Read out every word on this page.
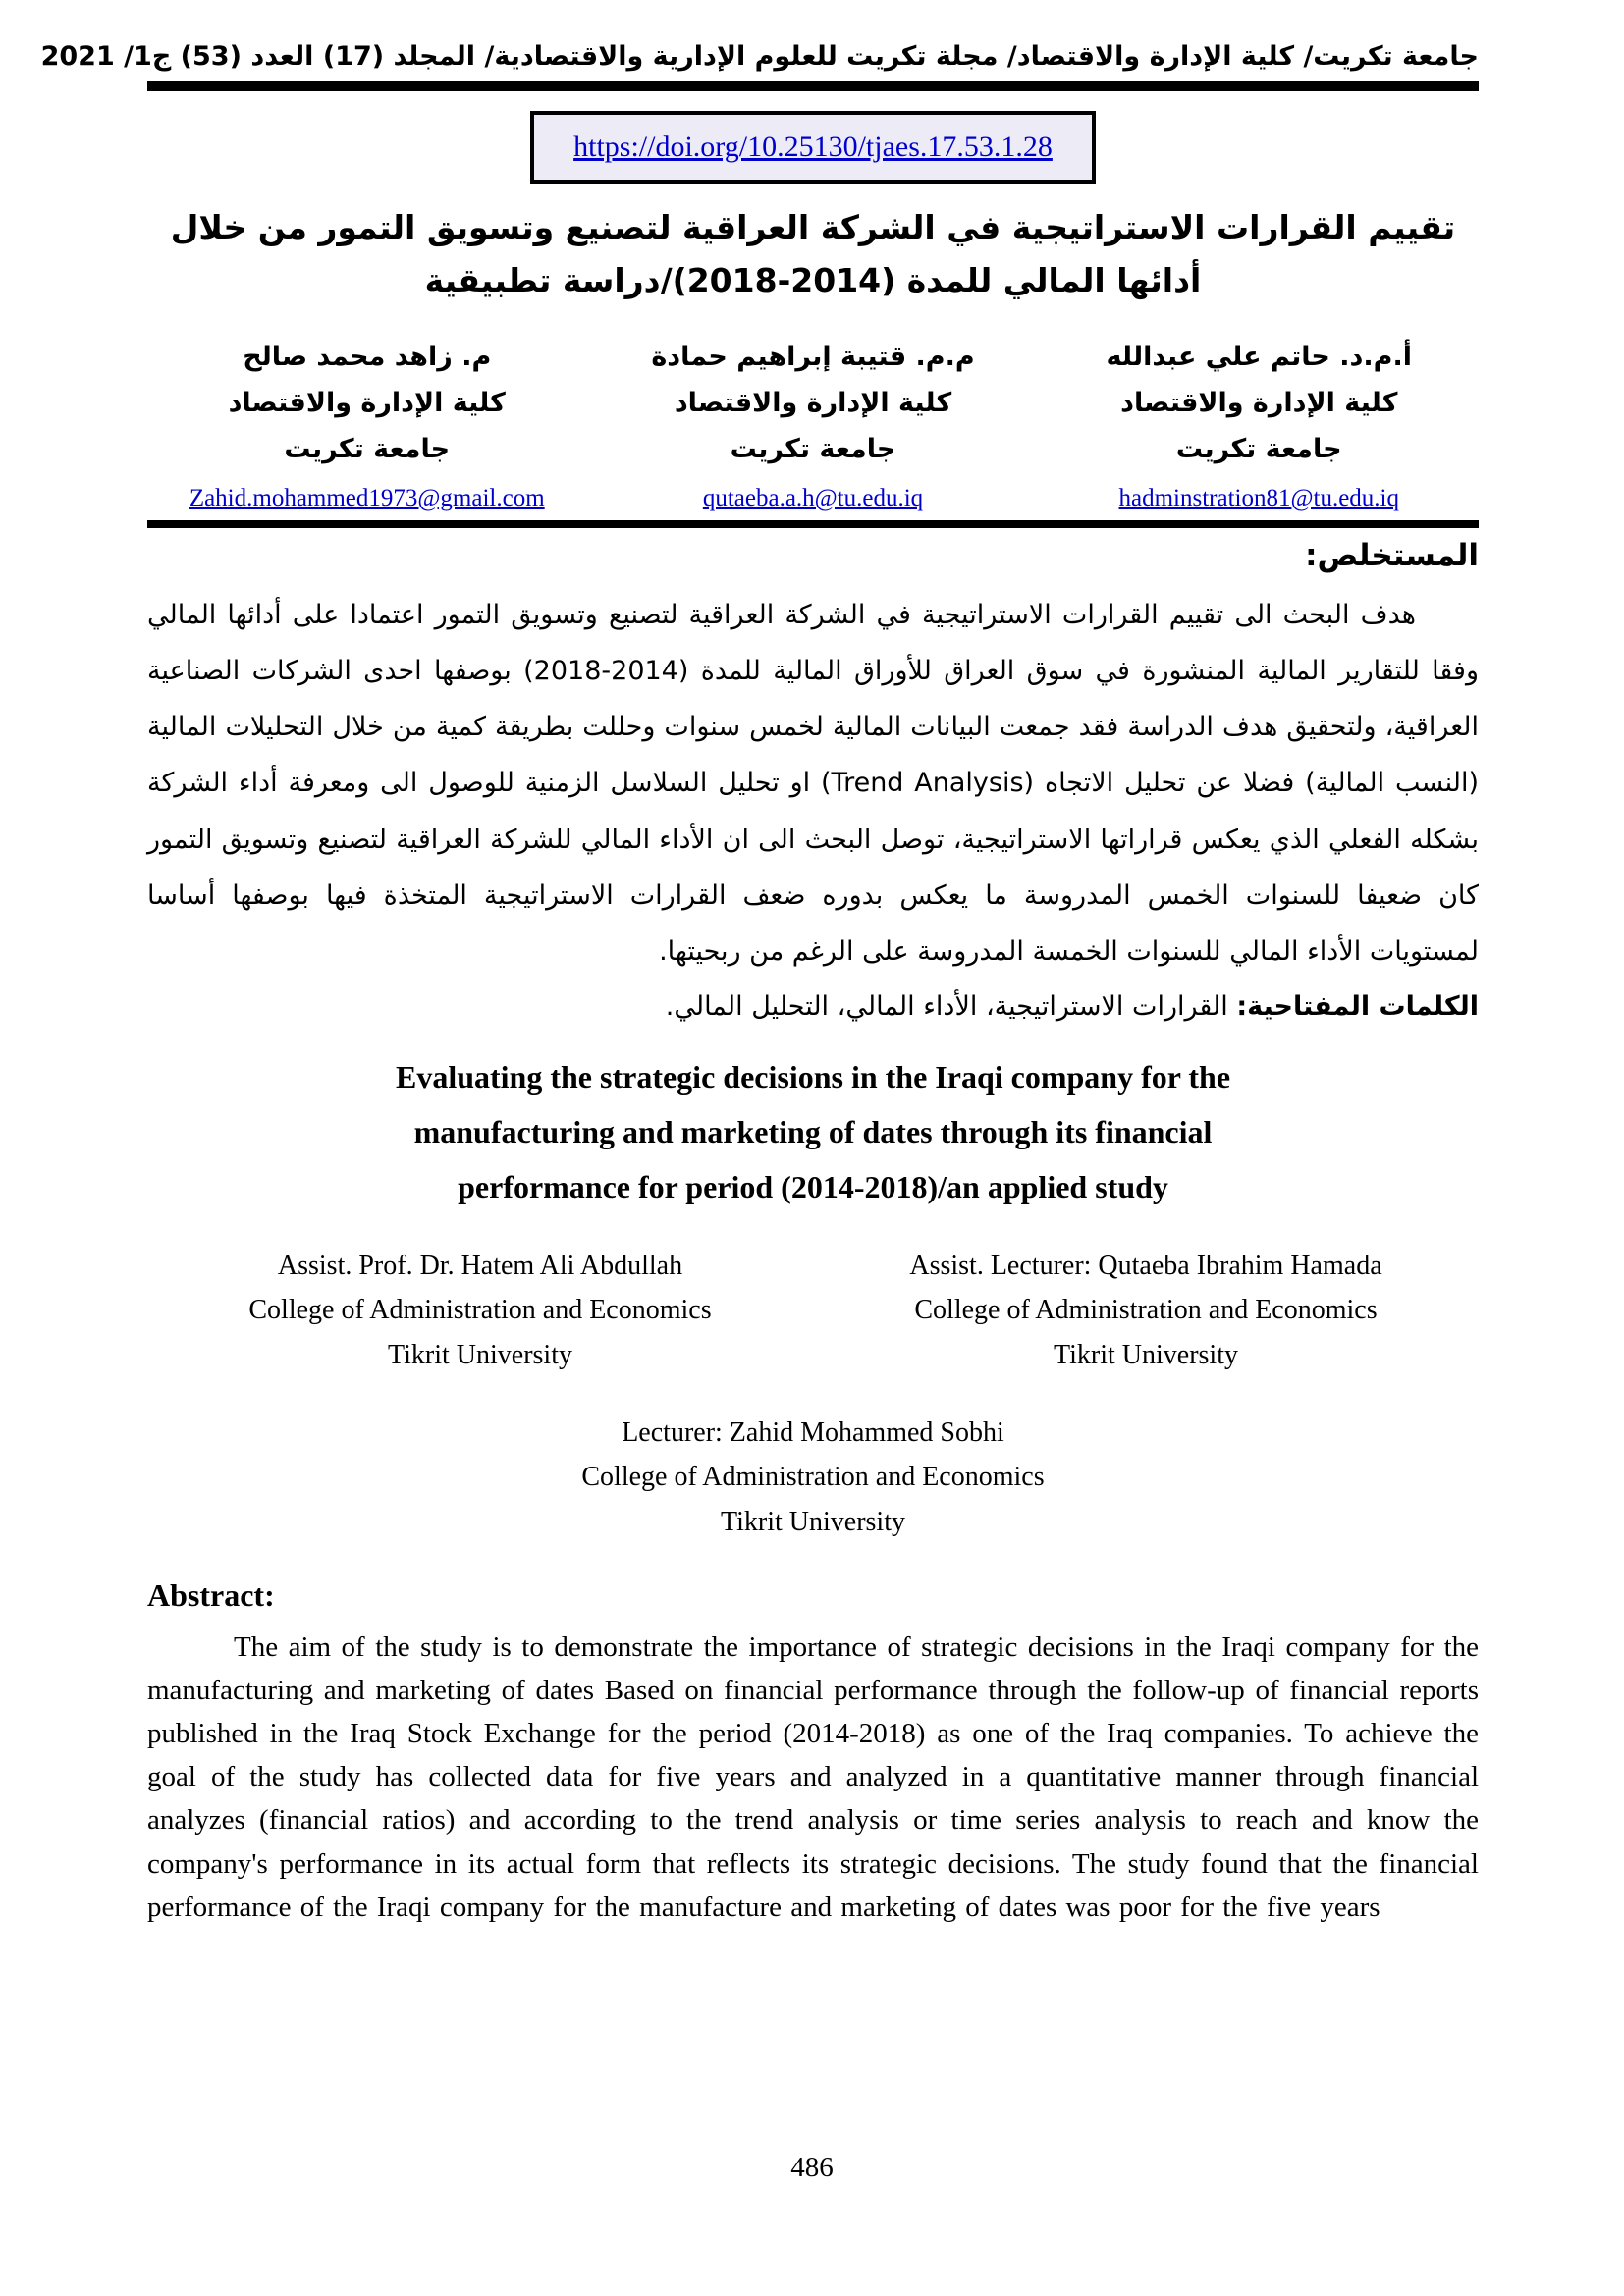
جامعة تكريت/ كلية الإدارة والاقتصاد/ مجلة تكريت للعلوم الإدارية والاقتصادية/ المجلد (17) العدد (53) ج1/ 2021
https://doi.org/10.25130/tjaes.17.53.1.28
تقييم القرارات الاستراتيجية في الشركة العراقية لتصنيع وتسويق التمور من خلال
أدائها المالي للمدة (2014-2018)/دراسة تطبيقية
أ.م.د. حاتم علي عبدالله
كلية الإدارة والاقتصاد
جامعة تكريت
hadminstration81@tu.edu.iq
م.م. قتيبة إبراهيم حمادة
كلية الإدارة والاقتصاد
جامعة تكريت
qutaeba.a.h@tu.edu.iq
م. زاهد محمد صالح
كلية الإدارة والاقتصاد
جامعة تكريت
Zahid.mohammed1973@gmail.com
المستخلص:

هدف البحث الى تقييم القرارات الاستراتيجية في الشركة العراقية لتصنيع وتسويق التمور اعتمادا على أدائها المالي وفقا للتقارير المالية المنشورة في سوق العراق للأوراق المالية للمدة (2014-2018) بوصفها احدى الشركات الصناعية العراقية، ولتحقيق هدف الدراسة فقد جمعت البيانات المالية لخمس سنوات وحللت بطريقة كمية من خلال التحليلات المالية (النسب المالية) فضلا عن تحليل الاتجاه (Trend Analysis) او تحليل السلاسل الزمنية للوصول الى ومعرفة أداء الشركة بشكله الفعلي الذي يعكس قراراتها الاستراتيجية، توصل البحث الى ان الأداء المالي للشركة العراقية لتصنيع وتسويق التمور كان ضعيفا للسنوات الخمس المدروسة ما يعكس بدوره ضعف القرارات الاستراتيجية المتخذة فيها بوصفها أساسا لمستويات الأداء المالي للسنوات الخمسة المدروسة على الرغم من ربحيتها.

الكلمات المفتاحية: القرارات الاستراتيجية، الأداء المالي، التحليل المالي.
Evaluating the strategic decisions in the Iraqi company for the
manufacturing and marketing of dates through its financial
performance for period (2014-2018)/an applied study
Assist. Prof. Dr. Hatem Ali Abdullah
College of Administration and Economics
Tikrit University
Assist. Lecturer: Qutaeba Ibrahim Hamada
College of Administration and Economics
Tikrit University
Lecturer: Zahid Mohammed Sobhi
College of Administration and Economics
Tikrit University
Abstract:

The aim of the study is to demonstrate the importance of strategic decisions in the Iraqi company for the manufacturing and marketing of dates Based on financial performance through the follow-up of financial reports published in the Iraq Stock Exchange for the period (2014-2018) as one of the Iraq companies. To achieve the goal of the study has collected data for five years and analyzed in a quantitative manner through financial analyzes (financial ratios) and according to the trend analysis or time series analysis to reach and know the company's performance in its actual form that reflects its strategic decisions. The study found that the financial performance of the Iraqi company for the manufacture and marketing of dates was poor for the five years

486
